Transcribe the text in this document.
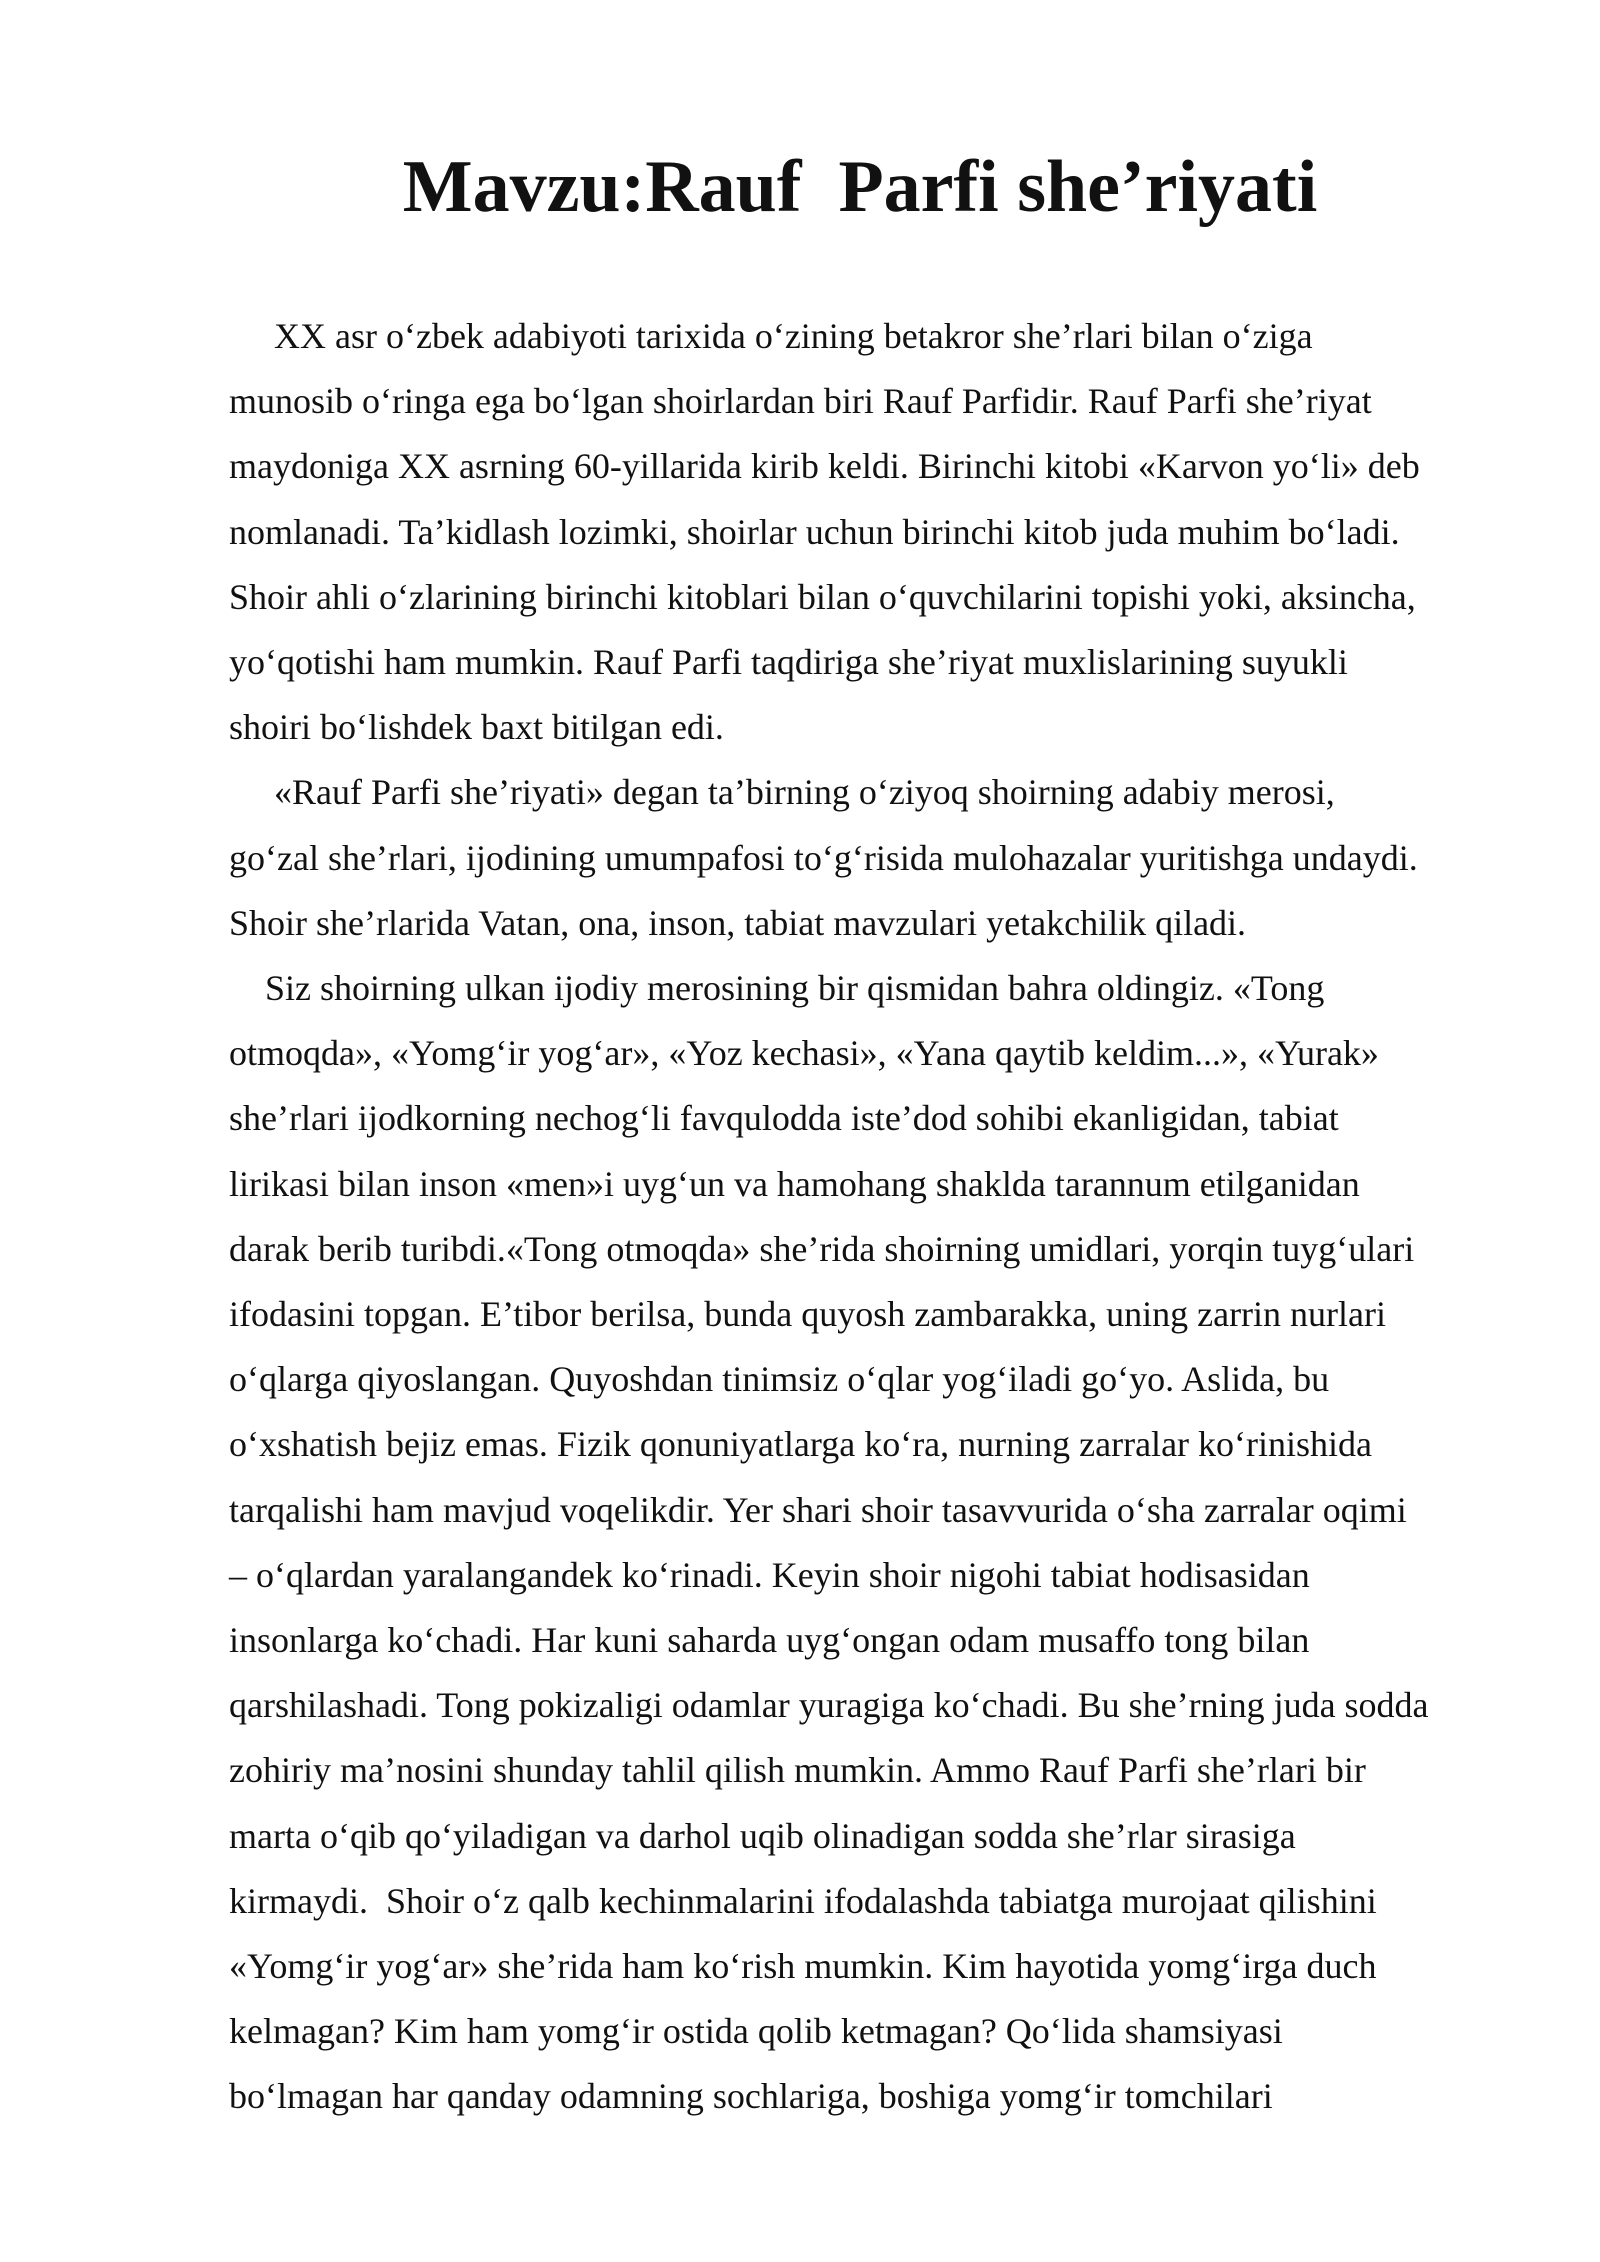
Mavzu:Rauf  Parfi she’riyati

XX asr o‘zbek adabiyoti tarixida o‘zining betakror she’rlari bilan o‘ziga

munosib o‘ringa ega bo‘lgan shoirlardan biri Rauf Parfidir. Rauf Parfi she’riyat

maydoniga XX asrning 60-yillarida kirib keldi. Birinchi kitobi «Karvon yo‘li» deb

nomlanadi. Ta’kidlash lozimki, shoirlar uchun birinchi kitob juda muhim bo‘ladi.

Shoir ahli o‘zlarining birinchi kitoblari bilan o‘quvchilarini topishi yoki, aksincha,

yo‘qotishi ham mumkin. Rauf Parfi taqdiriga she’riyat muxlislarining suyukli

shoiri bo‘lishdek baxt bitilgan edi.

«Rauf Parfi she’riyati» degan ta’birning o‘ziyoq shoirning adabiy merosi,

go‘zal she’rlari, ijodining umumpafosi to‘g‘risida mulohazalar yuritishga undaydi.

Shoir she’rlarida Vatan, ona, inson, tabiat mavzulari yetakchilik qiladi.

Siz shoirning ulkan ijodiy merosining bir qismidan bahra oldingiz. «Tong

otmoqda», «Yomg‘ir yog‘ar», «Yoz kechasi», «Yana qaytib keldim...», «Yurak»

she’rlari ijodkorning nechog‘li favqulodda iste’dod sohibi ekanligidan, tabiat

lirikasi bilan inson «men»i uyg‘un va hamohang shaklda tarannum etilganidan

darak berib turibdi.«Tong otmoqda» she’rida shoirning umidlari, yorqin tuyg‘ulari

ifodasini topgan. E’tibor berilsa, bunda quyosh zambarakka, uning zarrin nurlari

o‘qlarga qiyoslangan. Quyoshdan tinimsiz o‘qlar yog‘iladi go‘yo. Aslida, bu

o‘xshatish bejiz emas. Fizik qonuniyatlarga ko‘ra, nurning zarralar ko‘rinishida

tarqalishi ham mavjud voqelikdir. Yer shari shoir tasavvurida o‘sha zarralar oqimi

– o‘qlardan yaralangandek ko‘rinadi. Keyin shoir nigohi tabiat hodisasidan

insonlarga ko‘chadi. Har kuni saharda uyg‘ongan odam musaffo tong bilan

qarshilashadi. Tong pokizaligi odamlar yuragiga ko‘chadi. Bu she’rning juda sodda

zohiriy ma’nosini shunday tahlil qilish mumkin. Ammo Rauf Parfi she’rlari bir

marta o‘qib qo‘yiladigan va darhol uqib olinadigan sodda she’rlar sirasiga

kirmaydi.  Shoir o‘z qalb kechinmalarini ifodalashda tabiatga murojaat qilishini

«Yomg‘ir yog‘ar» she’rida ham ko‘rish mumkin. Kim hayotida yomg‘irga duch

kelmagan? Kim ham yomg‘ir ostida qolib ketmagan? Qo‘lida shamsiyasi

bo‘lmagan har qanday odamning sochlariga, boshiga yomg‘ir tomchilari
